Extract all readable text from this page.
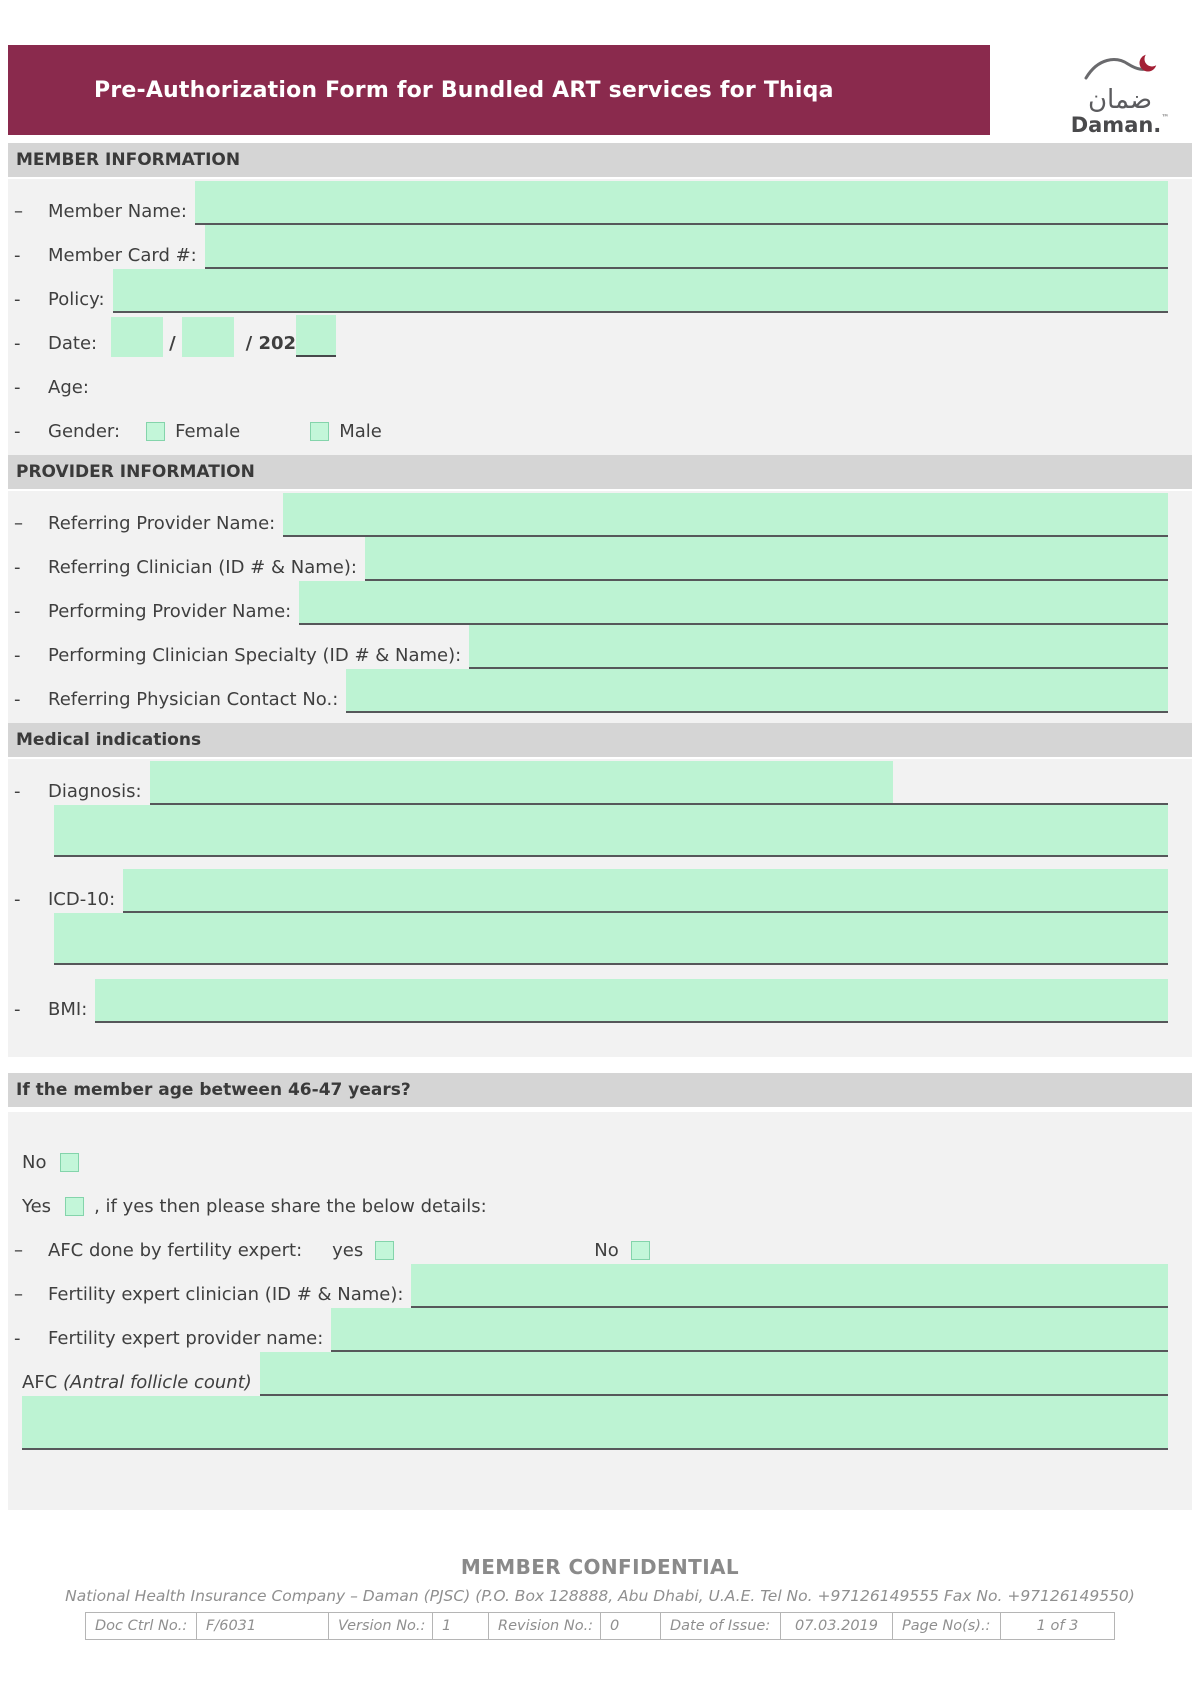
Pre-Authorization Form for Bundled ART services for Thiqa	ضمان
Daman.™
MEMBER INFORMATION
–	Member Name:
-	Member Card #:
-	Policy:
-	Date:	/	/ 202
-	Age:
-	Gender:	Female	Male
PROVIDER INFORMATION
–	Referring Provider Name:
-	Referring Clinician (ID # & Name):
-	Performing Provider Name:
-	Performing Clinician Specialty (ID # & Name):
-	Referring Physician Contact No.:
Medical indications
-	Diagnosis:
-	ICD-10:
-	BMI:
If the member age between 46-47 years?
No
Yes	, if yes then please share the below details:
–	AFC done by fertility expert:	yes	No
–	Fertility expert clinician (ID # & Name):
-	Fertility expert provider name:
AFC (Antral follicle count)
MEMBER CONFIDENTIAL
National Health Insurance Company – Daman (PJSC) (P.O. Box 128888, Abu Dhabi, U.A.E. Tel No. +97126149555 Fax No. +97126149550)
Doc Ctrl No.:	F/6031	Version No.:	1	Revision No.:	0	Date of Issue:	07.03.2019	Page No(s).:	1 of 3
